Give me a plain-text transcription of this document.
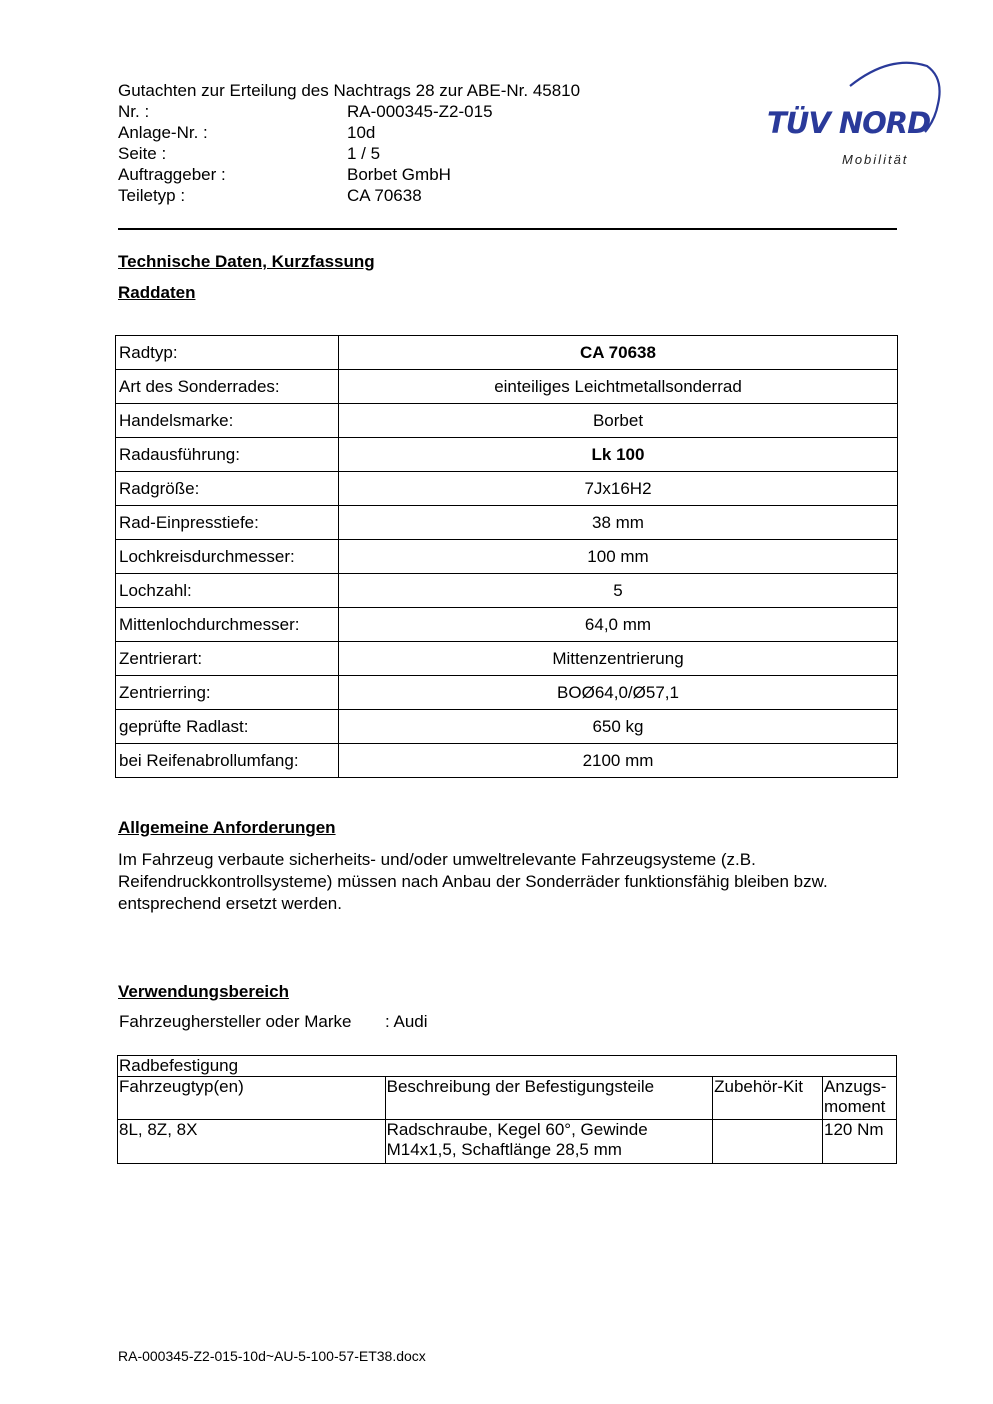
Gutachten zur Erteilung des Nachtrags 28 zur ABE-Nr. 45810
Nr. :	RA-000345-Z2-015
Anlage-Nr. :	10d
Seite :	1 / 5
Auftraggeber :	Borbet GmbH
Teiletyp :	CA 70638
TÜV NORD
Mobilität
Technische Daten, Kurzfassung
Raddaten
Radtyp:	CA 70638
Art des Sonderrades:	einteiliges Leichtmetallsonderrad
Handelsmarke:	Borbet
Radausführung:	Lk 100
Radgröße:	7Jx16H2
Rad-Einpresstiefe:	38 mm
Lochkreisdurchmesser:	100 mm
Lochzahl:	5
Mittenlochdurchmesser:	64,0 mm
Zentrierart:	Mittenzentrierung
Zentrierring:	BOØ64,0/Ø57,1
geprüfte Radlast:	650 kg
bei Reifenabrollumfang:	2100 mm
Allgemeine Anforderungen
Im Fahrzeug verbaute sicherheits- und/oder umweltrelevante Fahrzeugsysteme (z.B. Reifendruckkontrollsysteme) müssen nach Anbau der Sonderräder funktionsfähig bleiben bzw. entsprechend ersetzt werden.
Verwendungsbereich
Fahrzeughersteller oder Marke	: Audi
Radbefestigung			
Fahrzeugtyp(en)	Beschreibung der Befestigungsteile	Zubehör-Kit	Anzugs-moment
8L, 8Z, 8X	Radschraube, Kegel 60°, Gewinde M14x1,5, Schaftlänge 28,5 mm		120 Nm
RA-000345-Z2-015-10d~AU-5-100-57-ET38.docx
